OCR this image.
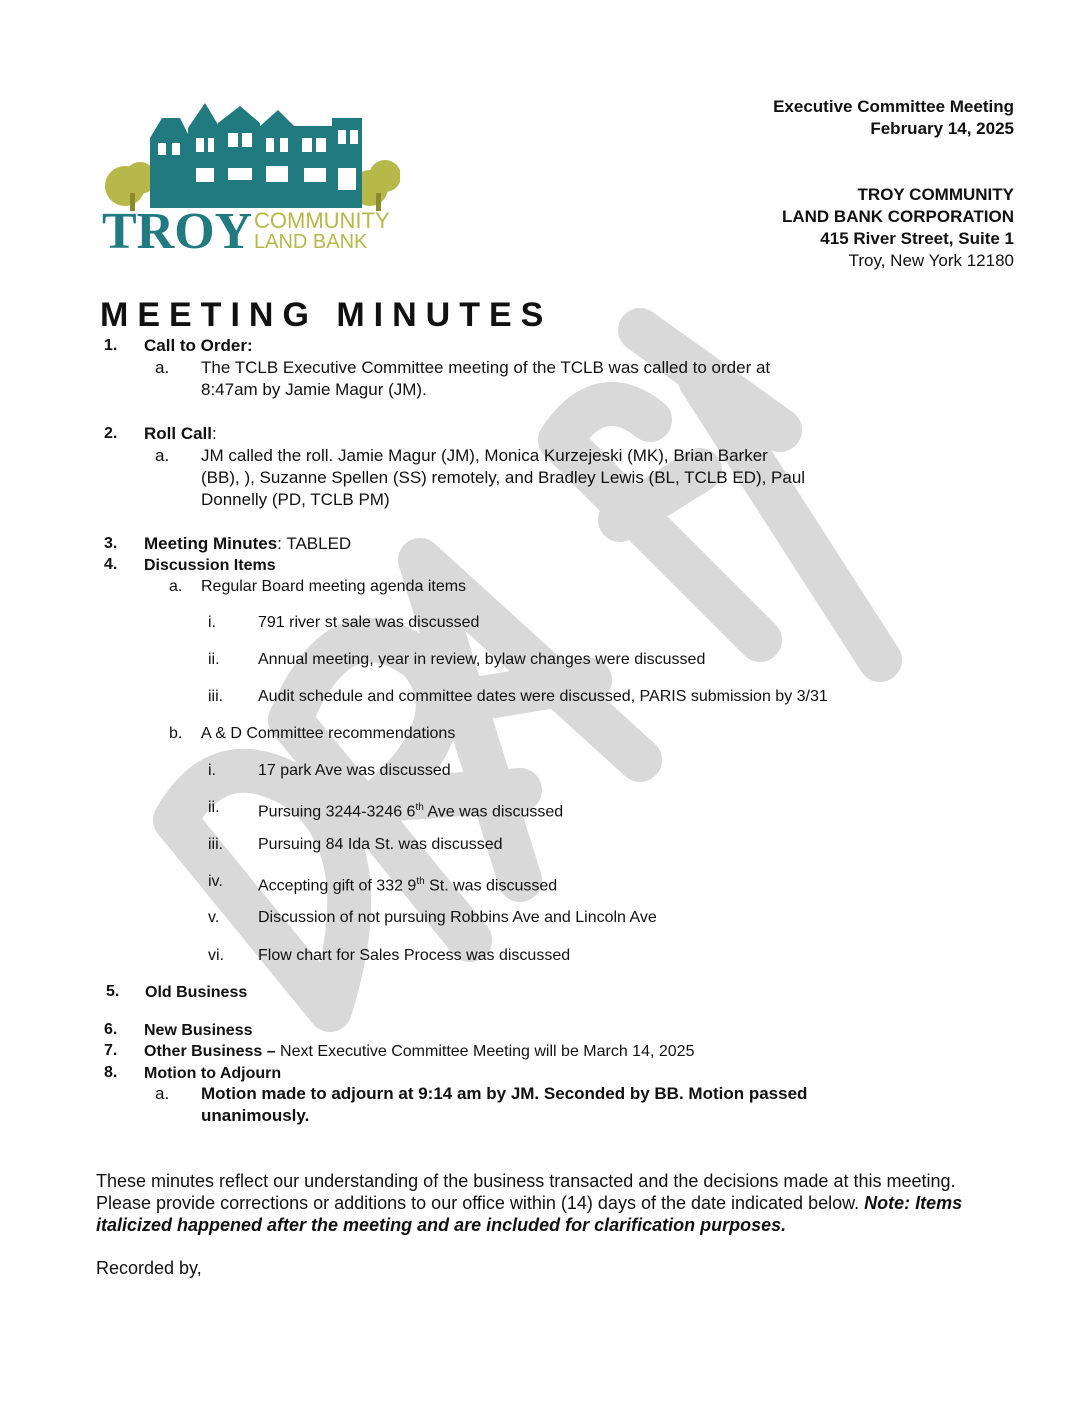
TROY COMMUNITY
LAND BANK
Executive Committee Meeting
February 14, 2025
TROY COMMUNITY
LAND BANK CORPORATION
415 River Street, Suite 1
Troy, New York 12180
MEETING MINUTES
1. Call to Order:
a. The TCLB Executive Committee meeting of the TCLB was called to order at
8:47am by Jamie Magur (JM).
2. Roll Call:
a. JM called the roll. Jamie Magur (JM), Monica Kurzejeski (MK), Brian Barker
(BB), ), Suzanne Spellen (SS) remotely, and Bradley Lewis (BL, TCLB ED), Paul
Donnelly (PD, TCLB PM)
3. Meeting Minutes: TABLED
4. Discussion Items
a. Regular Board meeting agenda items
i.	791 river st sale was discussed
ii. Annual meeting, year in review, bylaw changes were discussed
iii. Audit schedule and committee dates were discussed, PARIS submission by 3/31
b. A & D Committee recommendations
i.	17 park Ave was discussed
ii. Pursuing 3244-3246 6th Ave was discussed
iii. Pursuing 84 Ida St. was discussed
iv. Accepting gift of 332 9th St. was discussed
v. Discussion of not pursuing Robbins Ave and Lincoln Ave
vi. Flow chart for Sales Process was discussed
5. Old Business
6. New Business
7. Other Business – Next Executive Committee Meeting will be March 14, 2025
8. Motion to Adjourn
a. Motion made to adjourn at 9:14 am by JM. Seconded by BB. Motion passed
unanimously.
These minutes reflect our understanding of the business transacted and the decisions made at this meeting. Please provide corrections or additions to our office within (14) days of the date indicated below. Note: Items italicized happened after the meeting and are included for clarification purposes.
Recorded by,
